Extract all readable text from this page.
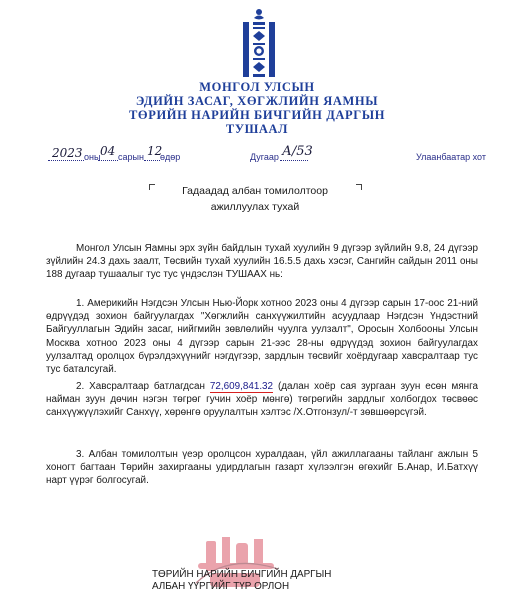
МОНГОЛ УЛСЫН
ЭДИЙН ЗАСАГ, ХӨГЖЛИЙН ЯАМНЫ
ТӨРИЙН НАРИЙН БИЧГИЙН ДАРГЫН
ТУШААЛ
2023 оны 04 сарын 12
өдөр	Дугаар А/53	Улаанбаатар хот
Гадаадад албан томилолтоор
ажиллуулах тухай
Монгол Улсын Яамны эрх зүйн байдлын тухай хуулийн 9 дүгээр зүйлийн 9.8, 24 дүгээр зүйлийн 24.3 дахь заалт, Төсвийн тухай хуулийн 16.5.5 дахь хэсэг, Сангийн сайдын 2011 оны 188 дугаар тушаалыг тус тус үндэслэн ТУШААХ нь:
1. Америкийн Нэгдсэн Улсын Нью-Йорк хотноо 2023 оны 4 дүгээр сарын 17-оос 21-ний өдрүүдэд зохион байгуулагдах "Хөгжлийн санхүүжилтийн асуудлаар Нэгдсэн Үндэстний Байгууллагын Эдийн засаг, нийгмийн зөвлөлийн чуулга уулзалт", Оросын Холбооны Улсын Москва хотноо 2023 оны 4 дүгээр сарын 21-ээс 28-ны өдрүүдэд зохион байгуулагдах уулзалтад оролцох бүрэлдэхүүнийг нэгдүгээр, зардлын төсвийг хоёрдугаар хавсралтаар тус тус баталсугай.
2. Хавсралтаар батлагдсан 72,609,841.32 (далан хоёр сая зургаан зуун есөн мянга найман зуун дөчин нэгэн төгрөг гучин хоёр мөнгө) төгрөгийн зардлыг холбогдох төсвөөс санхүүжүүлэхийг Санхүү, хөрөнгө оруулалтын хэлтэс /Х.Отгонзул/-т зөвшөөрсүгэй.
3. Албан томилолтын үеэр оролцсон хуралдаан, үйл ажиллагааны тайланг ажлын 5 хоногт багтаан Төрийн захиргааны удирдлагын газарт хүлээлгэн өгөхийг Б.Анар, И.Батхүү нарт үүрэг болгосугай.
ТӨРИЙН НАРИЙН БИЧГИЙН ДАРГЫН
АЛБАН ҮҮРГИЙГ ТҮР ОРЛОН
